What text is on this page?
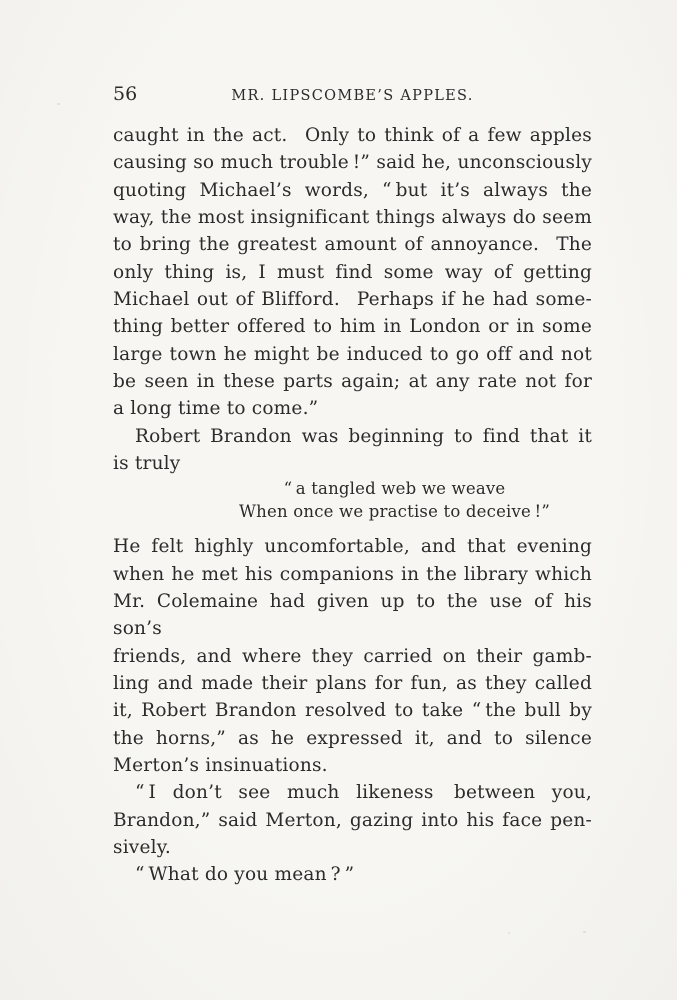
56	MR. LIPSCOMBE’S APPLES.
caught in the act.  Only to think of a few apples
causing so much trouble !” said he, unconsciously
quoting Michael’s words, “ but it’s always the
way, the most insignificant things always do seem
to bring the greatest amount of annoyance.  The
only thing is, I must find some way of getting
Michael out of Blifford.  Perhaps if he had some-
thing better offered to him in London or in some
large town he might be induced to go off and not
be seen in these parts again; at any rate not for
a long time to come.”
Robert Brandon was beginning to find that it
is truly
“ a tangled web we weave
When once we practise to deceive !”
He felt highly uncomfortable, and that evening
when he met his companions in the library which
Mr. Colemaine had given up to the use of his son’s
friends, and where they carried on their gamb-
ling and made their plans for fun, as they called
it, Robert Brandon resolved to take “ the bull by
the horns,” as he expressed it, and to silence
Merton’s insinuations.
“ I don’t see much likeness  between you,
Brandon,” said Merton, gazing into his face pen-
sively.
“ What do you mean ? ”
